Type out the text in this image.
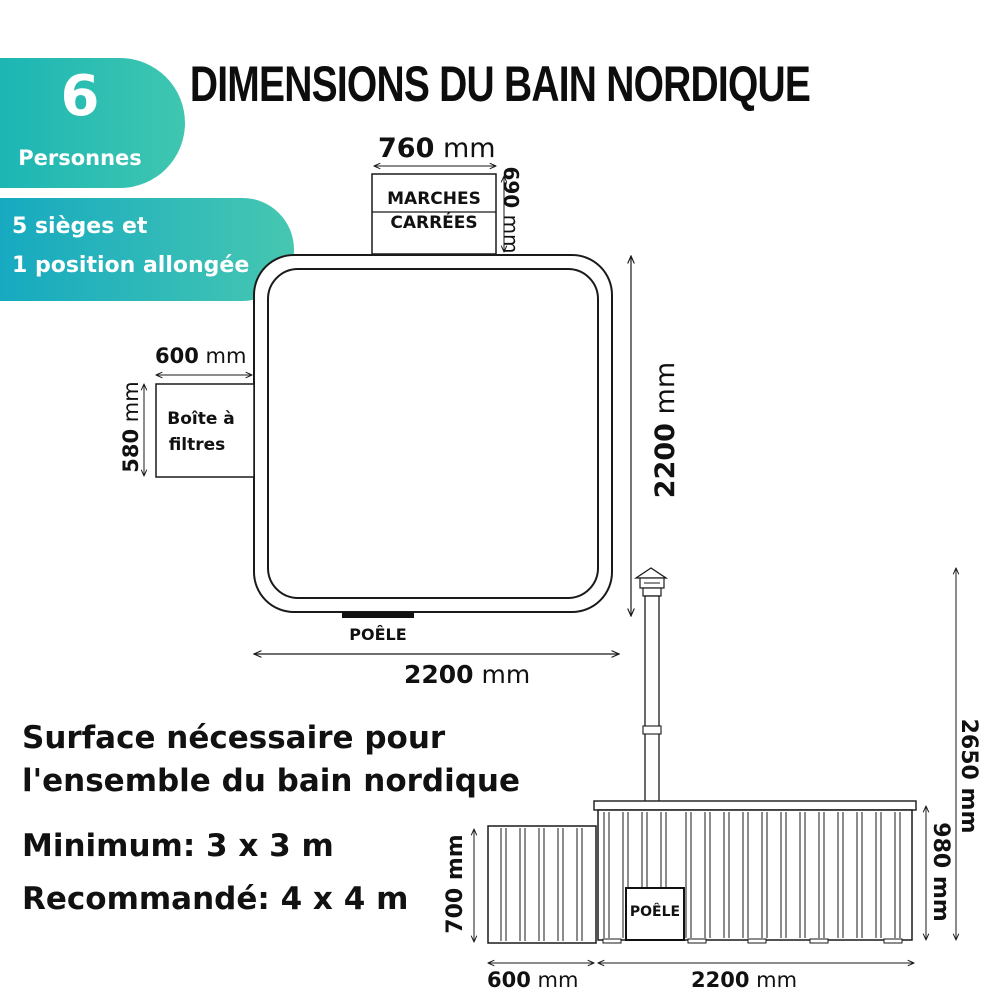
DIMENSIONS DU BAIN NORDIQUE
6
Personnes
5 sièges et
1 position allongée
MARCHES
CARRÉES
Boîte à
filtres
POÊLE
760 mm
690 mm
600 mm
580 mm
2200 mm
2200 mm
Surface nécessaire pour
l'ensemble du bain nordique
Minimum: 3 x 3 m
Recommandé: 4 x 4 m	POÊLE
700 mm	980 mm
2650 mm
600 mm	2200 mm
